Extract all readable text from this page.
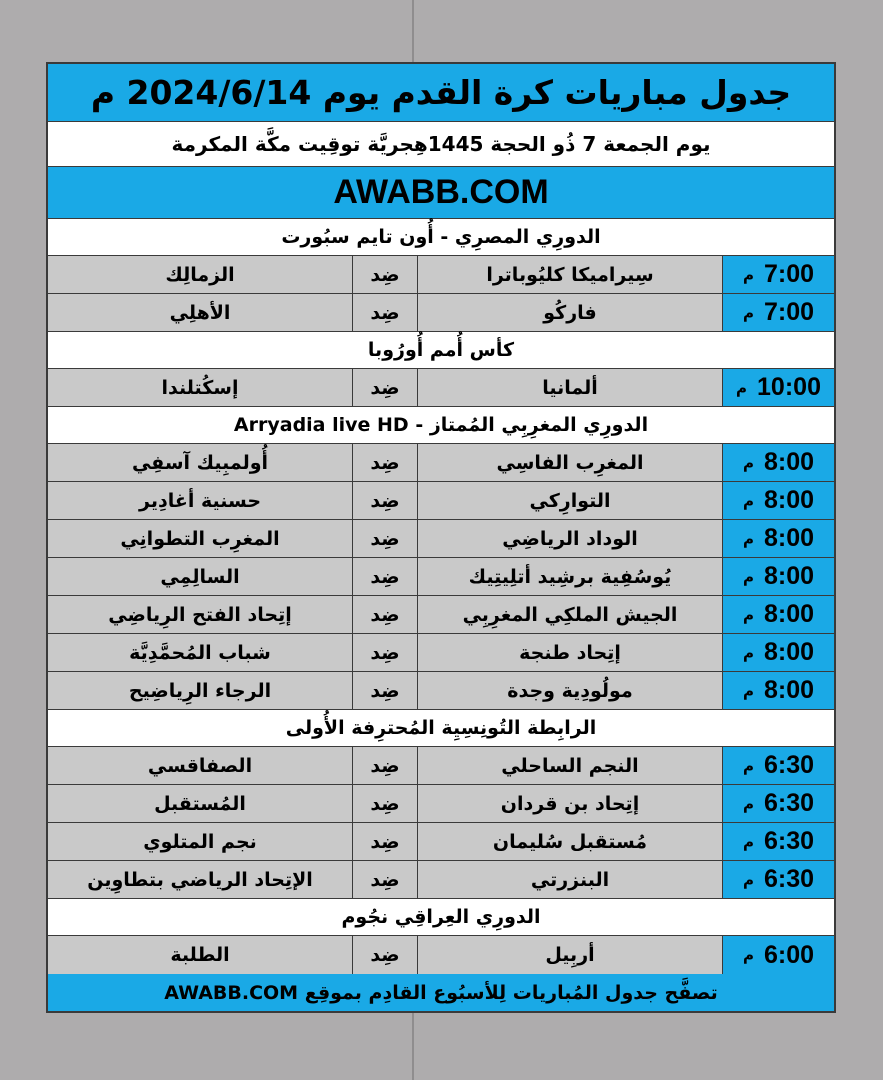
جدول مباريات كرة القدم يوم 2024/6/14 م
يوم الجمعة 7 ذُو الحجة 1445هِجريَّة توقِيت مكَّة المكرمة
AWABB.COM
الدورِي المصرِي - أُون تايم سبُورت
7:00
م
سِيراميكا كليُوباترا
ضِد
الزمالِك
7:00
م
فاركُو
ضِد
الأهلِي
كأس أُمم أُورُوبا
10:00
م
ألمانيا
ضِد
إسكُتلندا
الدورِي المغرِبِي المُمتاز - Arryadia live HD
8:00
م
المغرِب الفاسِي
ضِد
أُولمبِيك آسفِي
8:00
م
التوارِكي
ضِد
حسنية أغادِير
8:00
م
الوداد الرياضِي
ضِد
المغرِب التطوانِي
8:00
م
يُوسُفِية برشِيد أتلِيتِيك
ضِد
السالِمِي
8:00
م
الجيش الملكِي المغرِبِي
ضِد
إتِحاد الفتح الرِياضِي
8:00
م
إتِحاد طنجة
ضِد
شباب المُحمَّدِيَّة
8:00
م
مولُودِية وجدة
ضِد
الرجاء الرِياضِيح
الرابِطة التُونِسِيِة المُحترِفة الأُولى
6:30
م
النجم الساحلي
ضِد
الصفاقسي
6:30
م
إتِحاد بن قردان
ضِد
المُستقبل
6:30
م
مُستقبل سُليمان
ضِد
نجم المتلوي
6:30
م
البنزرتي
ضِد
الإتِحاد الرياضي بتطاوِين
الدورِي العِراقِي نجُوم
6:00
م
أربِيل
ضِد
الطلبة
تصفَّح جدول المُباريات لِلأسبُوع القادِم بموقِع AWABB.COM
